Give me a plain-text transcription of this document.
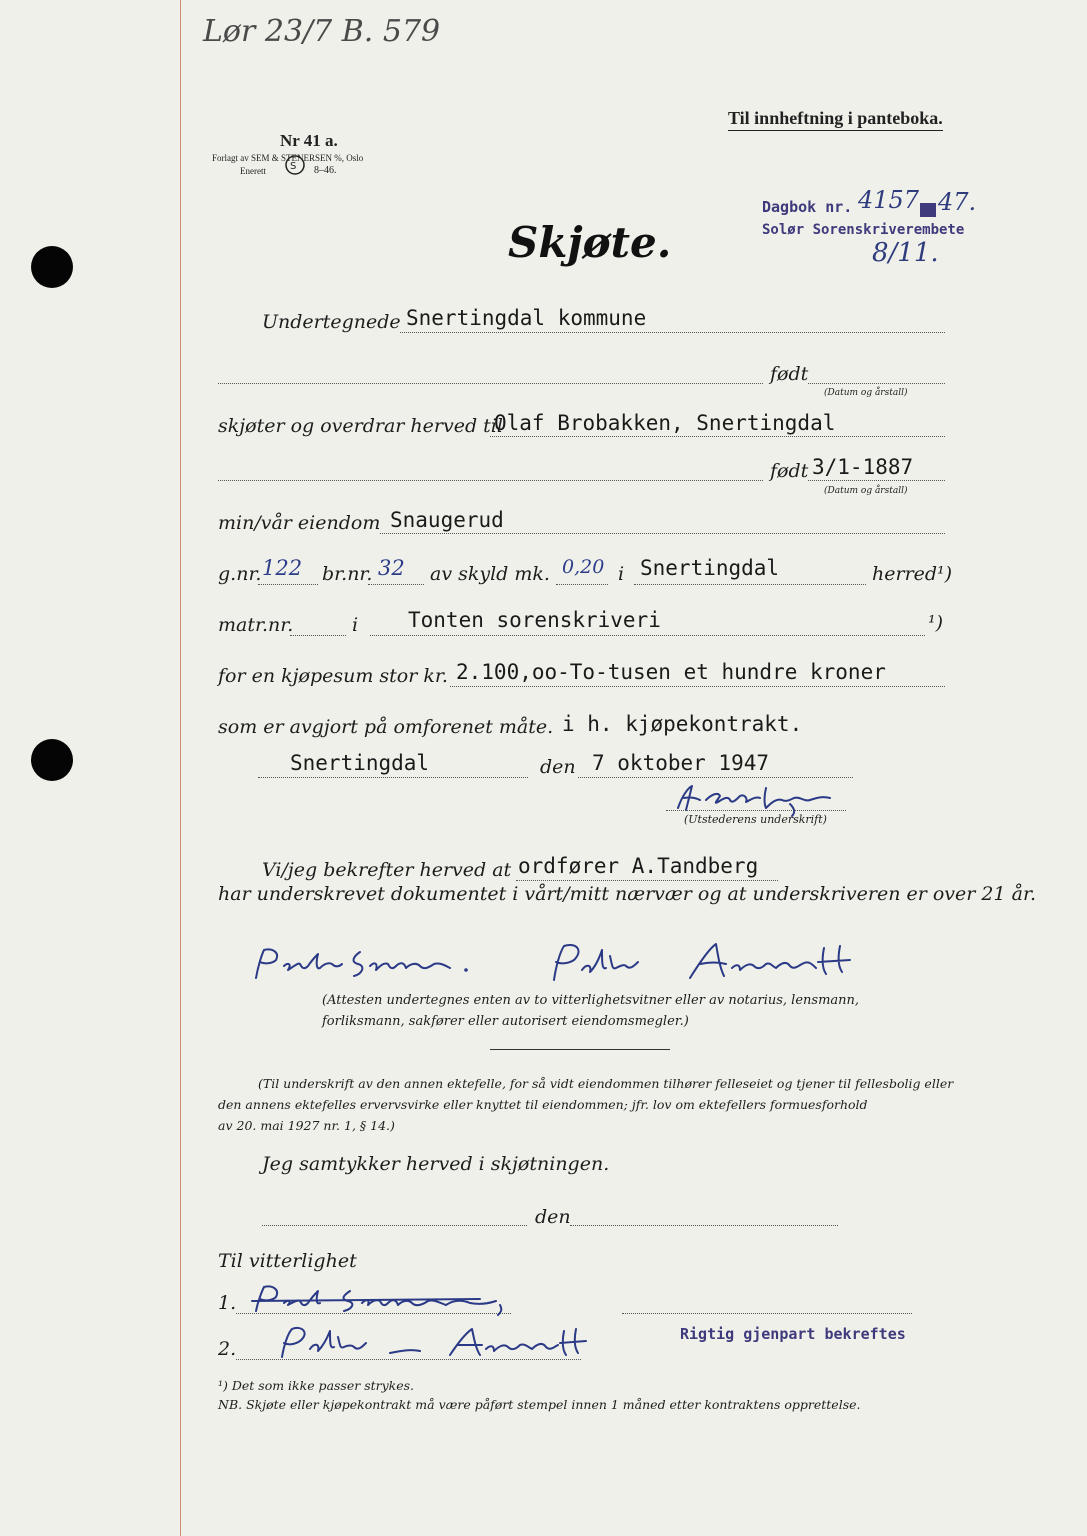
Lør 23/7 B. 579
Nr 41 a.
Forlagt av SEM & STENERSEN %, Oslo
Enerett S 8–46.
Til innheftning i panteboka.
Dagbok nr. 4157 47.
Solør Sorenskriverembete
8/11.
Skjøte.
Undertegnede Snertingdal kommune
født
(Datum og årstall)
skjøter og overdrar herved til
Olaf Brobakken, Snertingdal
født 3/1-1887
(Datum og årstall)
min/vår eiendom Snaugerud
g.nr. 122 br.nr. 32 av skyld mk. 0,20 i Snertingdal	herred¹)
matr.nr.	i Tonten sorenskriveri	¹)
for en kjøpesum stor kr. 2.100,oo-To-tusen et hundre kroner
som er avgjort på omforenet måte. i h. kjøpekontrakt.
Snertingdal	den 7 oktober 1947
(Utstederens underskrift)
Vi/jeg bekrefter herved at ordfører A.Tandberg
har underskrevet dokumentet i vårt/mitt nærvær og at underskriveren er over 21 år.
(Attesten undertegnes enten av to vitterlighetsvitner eller av notarius, lensmann,
forliksmann, sakfører eller autorisert eiendomsmegler.)
(Til underskrift av den annen ektefelle, for så vidt eiendommen tilhører felleseiet og tjener til fellesbolig eller
den annens ektefelles ervervsvirke eller knyttet til eiendommen; jfr. lov om ektefellers formuesforhold
av 20. mai 1927 nr. 1, § 14.)
Jeg samtykker herved i skjøtningen.
den
Til vitterlighet
1.
2.
Rigtig gjenpart bekreftes
¹) Det som ikke passer strykes.
NB. Skjøte eller kjøpekontrakt må være påført stempel innen 1 måned etter kontraktens opprettelse.
